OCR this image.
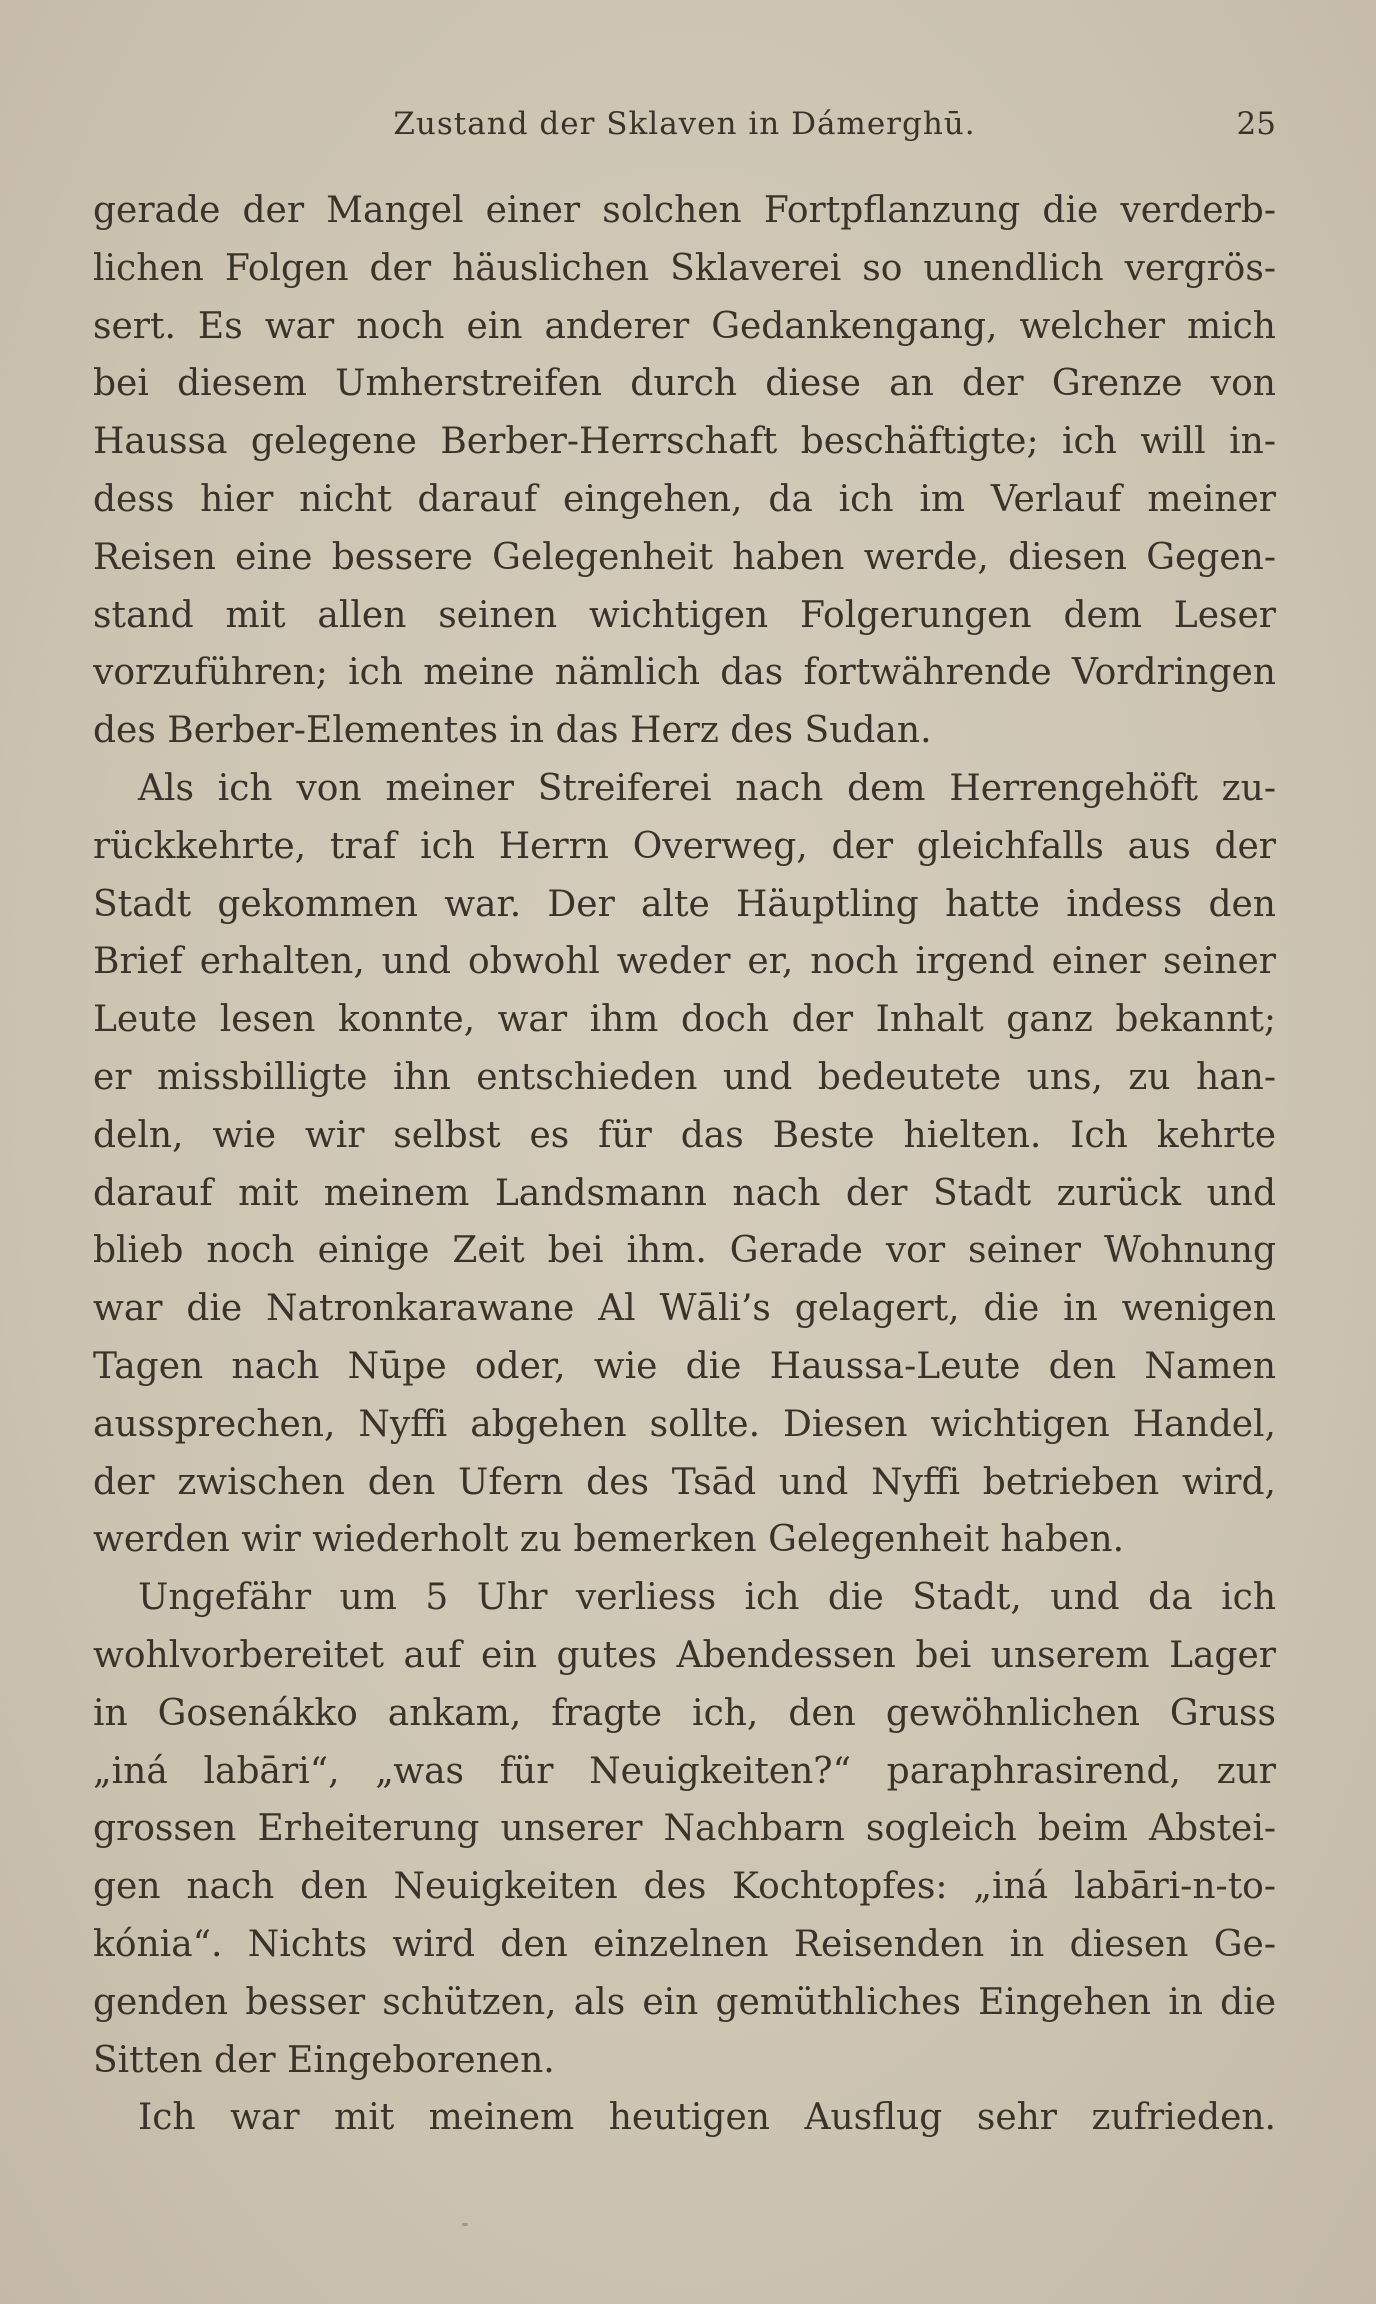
Zustand der Sklaven in Dámerghū.	25
gerade der Mangel einer solchen Fortpflanzung die verderb-
lichen Folgen der häuslichen Sklaverei so unendlich vergrös-
sert. Es war noch ein anderer Gedankengang, welcher mich
bei diesem Umherstreifen durch diese an der Grenze von
Haussa gelegene Berber-Herrschaft beschäftigte; ich will in-
dess hier nicht darauf eingehen, da ich im Verlauf meiner
Reisen eine bessere Gelegenheit haben werde, diesen Gegen-
stand mit allen seinen wichtigen Folgerungen dem Leser
vorzuführen; ich meine nämlich das fortwährende Vordringen
des Berber-Elementes in das Herz des Sudan.
Als ich von meiner Streiferei nach dem Herrengehöft zu-
rückkehrte, traf ich Herrn Overweg, der gleichfalls aus der
Stadt gekommen war. Der alte Häuptling hatte indess den
Brief erhalten, und obwohl weder er, noch irgend einer seiner
Leute lesen konnte, war ihm doch der Inhalt ganz bekannt;
er missbilligte ihn entschieden und bedeutete uns, zu han-
deln, wie wir selbst es für das Beste hielten. Ich kehrte
darauf mit meinem Landsmann nach der Stadt zurück und
blieb noch einige Zeit bei ihm. Gerade vor seiner Wohnung
war die Natronkarawane Al Wāli’s gelagert, die in wenigen
Tagen nach Nūpe oder, wie die Haussa-Leute den Namen
aussprechen, Nyffi abgehen sollte. Diesen wichtigen Handel,
der zwischen den Ufern des Tsād und Nyffi betrieben wird,
werden wir wiederholt zu bemerken Gelegenheit haben.
Ungefähr um 5 Uhr verliess ich die Stadt, und da ich
wohlvorbereitet auf ein gutes Abendessen bei unserem Lager
in Gosenákko ankam, fragte ich, den gewöhnlichen Gruss
„iná labāri“, „was für Neuigkeiten?“ paraphrasirend, zur
grossen Erheiterung unserer Nachbarn sogleich beim Abstei-
gen nach den Neuigkeiten des Kochtopfes: „iná labāri-n-to-
kónia“. Nichts wird den einzelnen Reisenden in diesen Ge-
genden besser schützen, als ein gemüthliches Eingehen in die
Sitten der Eingeborenen.
Ich war mit meinem heutigen Ausflug sehr zufrieden.
